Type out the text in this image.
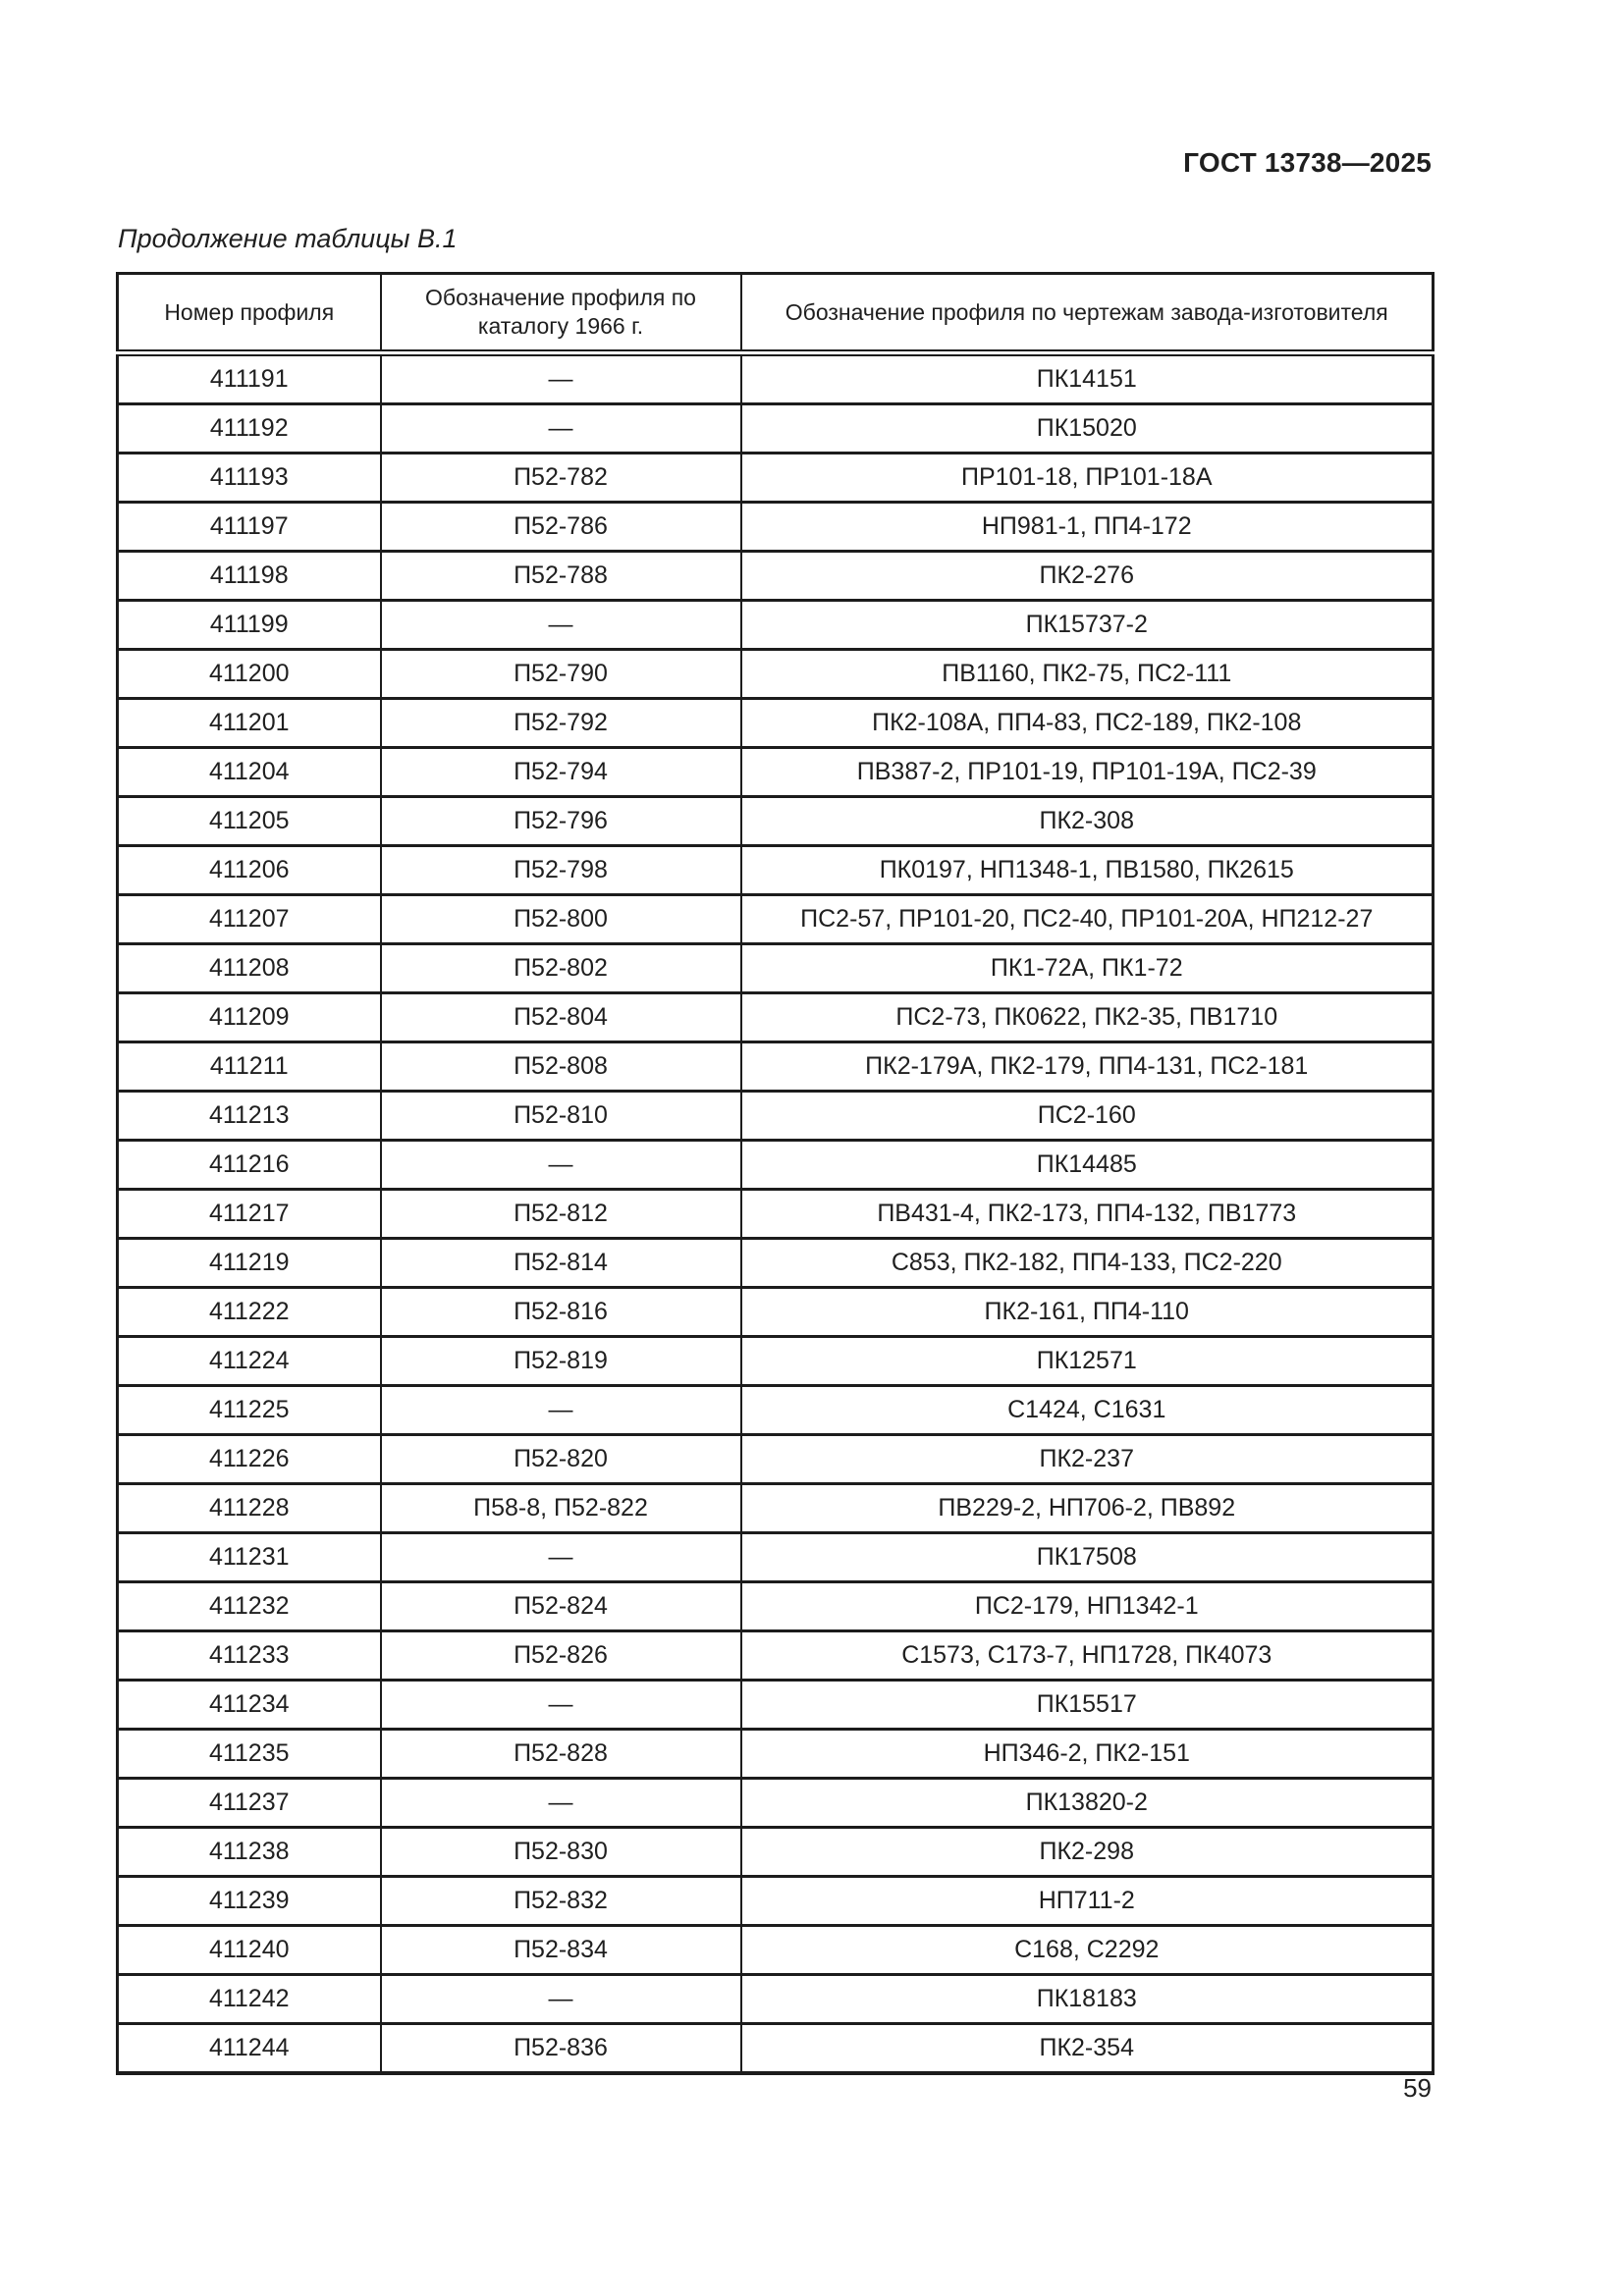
ГОСТ 13738—2025
Продолжение таблицы В.1
Номер профиля	Обозначение профиля по каталогу 1966 г.	Обозначение профиля по чертежам завода-изготовителя
411191	—	ПК14151
411192	—	ПК15020
411193	П52-782	ПР101-18, ПР101-18А
411197	П52-786	НП981-1, ПП4-172
411198	П52-788	ПК2-276
411199	—	ПК15737-2
411200	П52-790	ПВ1160, ПК2-75, ПС2-111
411201	П52-792	ПК2-108А, ПП4-83, ПС2-189, ПК2-108
411204	П52-794	ПВ387-2, ПР101-19, ПР101-19А, ПС2-39
411205	П52-796	ПК2-308
411206	П52-798	ПК0197, НП1348-1, ПВ1580, ПК2615
411207	П52-800	ПС2-57, ПР101-20, ПС2-40, ПР101-20А, НП212-27
411208	П52-802	ПК1-72А, ПК1-72
411209	П52-804	ПС2-73, ПК0622, ПК2-35, ПВ1710
411211	П52-808	ПК2-179А, ПК2-179, ПП4-131, ПС2-181
411213	П52-810	ПС2-160
411216	—	ПК14485
411217	П52-812	ПВ431-4, ПК2-173, ПП4-132, ПВ1773
411219	П52-814	С853, ПК2-182, ПП4-133, ПС2-220
411222	П52-816	ПК2-161, ПП4-110
411224	П52-819	ПК12571
411225	—	С1424, С1631
411226	П52-820	ПК2-237
411228	П58-8, П52-822	ПВ229-2, НП706-2, ПВ892
411231	—	ПК17508
411232	П52-824	ПС2-179, НП1342-1
411233	П52-826	С1573, С173-7, НП1728, ПК4073
411234	—	ПК15517
411235	П52-828	НП346-2, ПК2-151
411237	—	ПК13820-2
411238	П52-830	ПК2-298
411239	П52-832	НП711-2
411240	П52-834	С168, С2292
411242	—	ПК18183
411244	П52-836	ПК2-354
59
